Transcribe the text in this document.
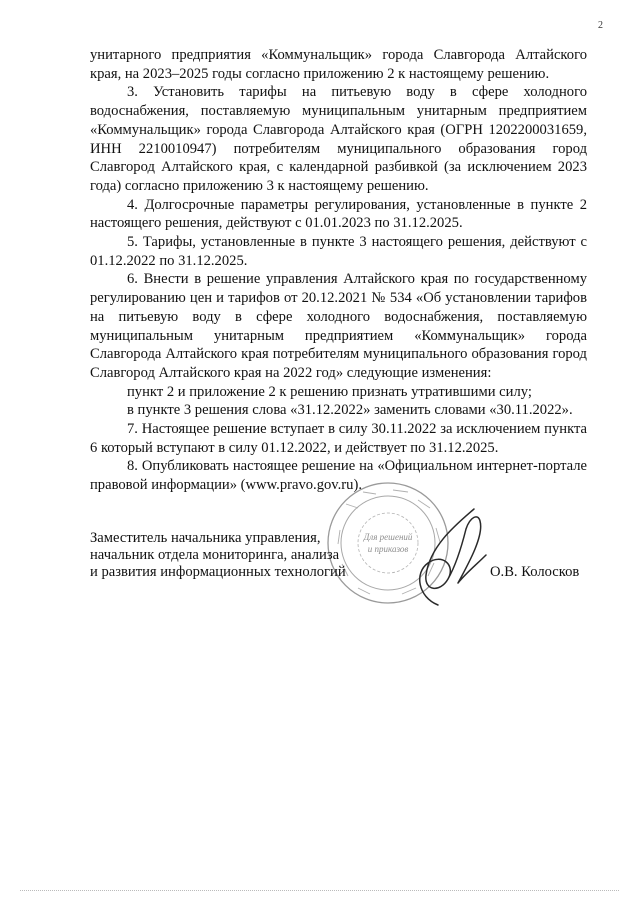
2

унитарного предприятия «Коммунальщик» города Славгорода Алтайского края, на 2023–2025 годы согласно приложению 2 к настоящему решению.

3. Установить тарифы на питьевую воду в сфере холодного водоснабжения, поставляемую муниципальным унитарным предприятием «Коммунальщик» города Славгорода Алтайского края (ОГРН 1202200031659, ИНН 2210010947) потребителям муниципального образования город Славгород Алтайского края, с календарной разбивкой (за исключением 2023 года) согласно приложению 3 к настоящему решению.

4. Долгосрочные параметры регулирования, установленные в пункте 2 настоящего решения, действуют с 01.01.2023 по 31.12.2025.

5. Тарифы, установленные в пункте 3 настоящего решения, действуют с 01.12.2022 по 31.12.2025.

6. Внести в решение управления Алтайского края по государственному регулированию цен и тарифов от 20.12.2021 № 534 «Об установлении тарифов на питьевую воду в сфере холодного водоснабжения, поставляемую муниципальным унитарным предприятием «Коммунальщик» города Славгорода Алтайского края потребителям муниципального образования город Славгород Алтайского края на 2022 год» следующие изменения:

пункт 2 и приложение 2 к решению признать утратившими силу;

в пункте 3 решения слова «31.12.2022» заменить словами «30.11.2022».

7. Настоящее решение вступает в силу 30.11.2022 за исключением пункта 6 который вступают в силу 01.12.2022, и действует по 31.12.2025.

8. Опубликовать настоящее решение на «Официальном интернет-портале правовой информации» (www.pravo.gov.ru).

Для решений
и приказов
Заместитель начальника управления,
начальник отдела мониторинга, анализа
и развития информационных технологий	О.В. Колосков
